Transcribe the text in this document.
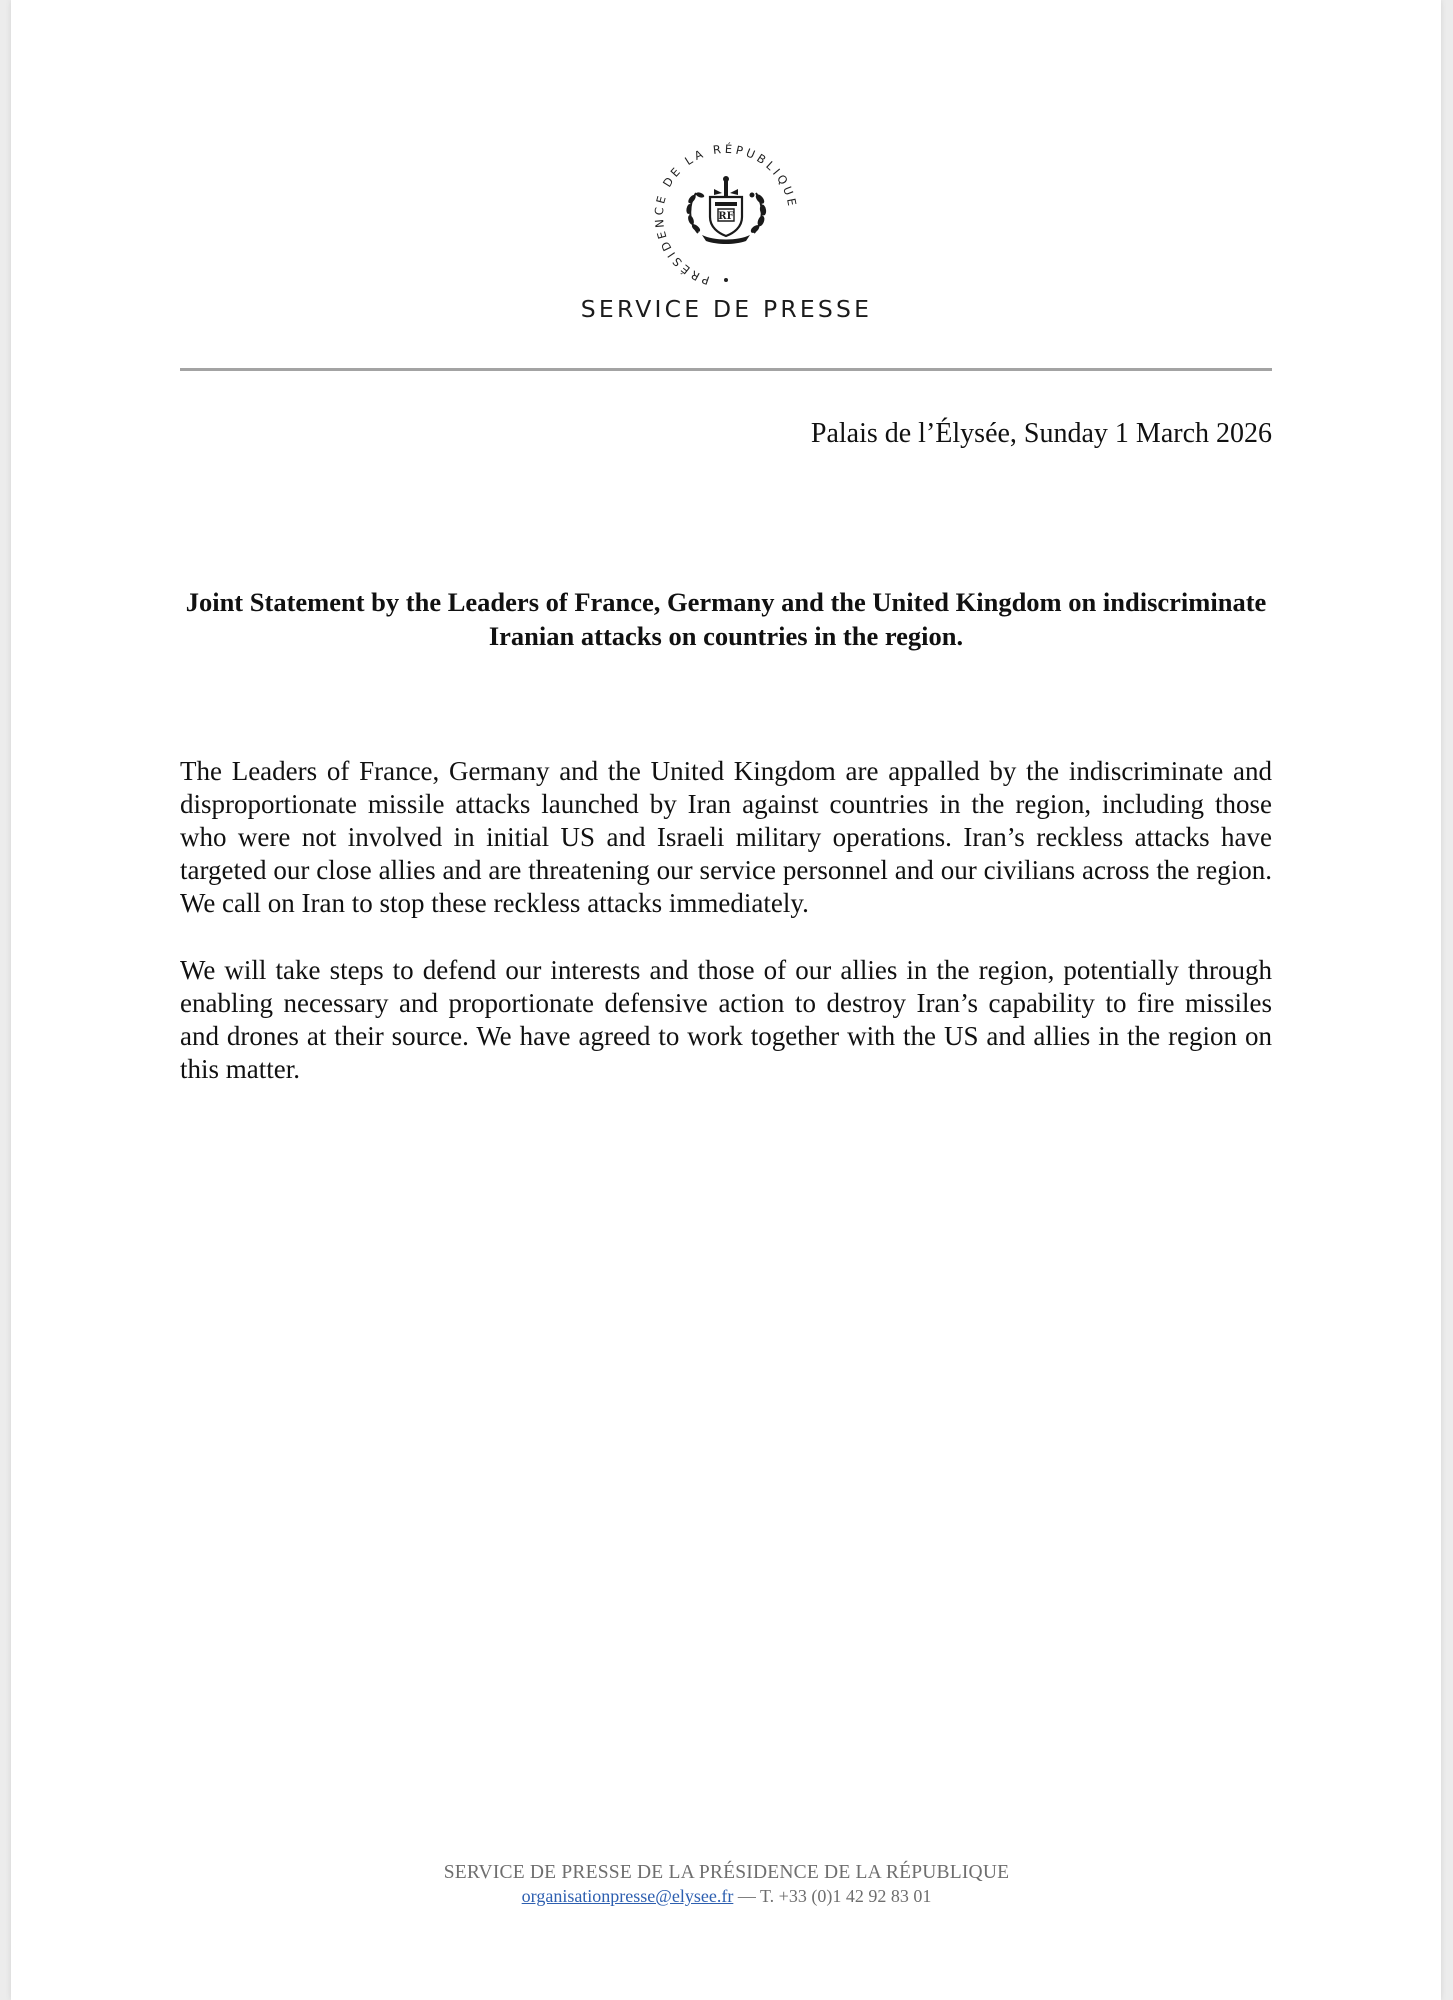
PRÉSIDENCE DE LA RÉPUBLIQUE
RF
SERVICE DE PRESSE
Palais de l’Élysée, Sunday 1 March 2026
Joint Statement by the Leaders of France, Germany and the United Kingdom on indiscriminate Iranian attacks on countries in the region.

The Leaders of France, Germany and the United Kingdom are appalled by the indiscriminate and disproportionate missile attacks launched by Iran against countries in the region, including those who were not involved in initial US and Israeli military operations. Iran’s reckless attacks have targeted our close allies and are threatening our service personnel and our civilians across the region. We call on Iran to stop these reckless attacks immediately.

We will take steps to defend our interests and those of our allies in the region, potentially through enabling necessary and proportionate defensive action to destroy Iran’s capability to fire missiles and drones at their source. We have agreed to work together with the US and allies in the region on this matter.

SERVICE DE PRESSE DE LA PRÉSIDENCE DE LA RÉPUBLIQUE
organisationpresse@elysee.fr — T. +33 (0)1 42 92 83 01
